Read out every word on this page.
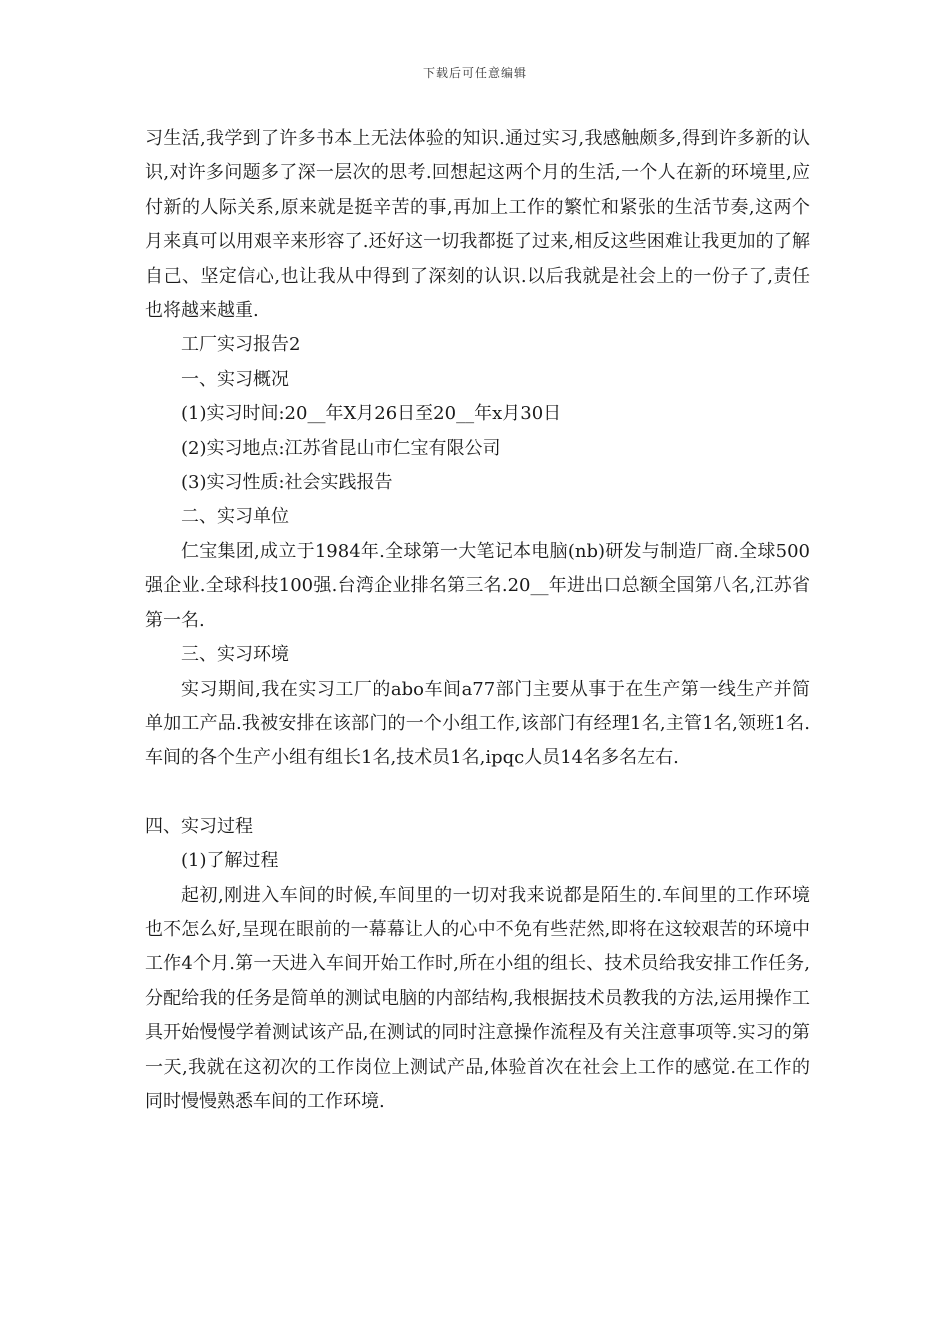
下载后可任意编辑

习生活,我学到了许多书本上无法体验的知识.通过实习,我感触颇多,得到许多新的认识,对许多问题多了深一层次的思考.回想起这两个月的生活,一个人在新的环境里,应付新的人际关系,原来就是挺辛苦的事,再加上工作的繁忙和紧张的生活节奏,这两个月来真可以用艰辛来形容了.还好这一切我都挺了过来,相反这些困难让我更加的了解自己、坚定信心,也让我从中得到了深刻的认识.以后我就是社会上的一份子了,责任也将越来越重.

工厂实习报告2

一、实习概况

(1)实习时间:20__年X月26日至20__年x月30日

(2)实习地点:江苏省昆山市仁宝有限公司

(3)实习性质:社会实践报告

二、实习单位

仁宝集团,成立于1984年.全球第一大笔记本电脑(nb)研发与制造厂商.全球500强企业.全球科技100强.台湾企业排名第三名.20__年进出口总额全国第八名,江苏省第一名.

三、实习环境

实习期间,我在实习工厂的abo车间a77部门主要从事于在生产第一线生产并简单加工产品.我被安排在该部门的一个小组工作,该部门有经理1名,主管1名,领班1名.车间的各个生产小组有组长1名,技术员1名,ipqc人员14名多名左右.

四、实习过程

(1)了解过程

起初,刚进入车间的时候,车间里的一切对我来说都是陌生的.车间里的工作环境也不怎么好,呈现在眼前的一幕幕让人的心中不免有些茫然,即将在这较艰苦的环境中工作4个月.第一天进入车间开始工作时,所在小组的组长、技术员给我安排工作任务,分配给我的任务是简单的测试电脑的内部结构,我根据技术员教我的方法,运用操作工具开始慢慢学着测试该产品,在测试的同时注意操作流程及有关注意事项等.实习的第一天,我就在这初次的工作岗位上测试产品,体验首次在社会上工作的感觉.在工作的同时慢慢熟悉车间的工作环境.
